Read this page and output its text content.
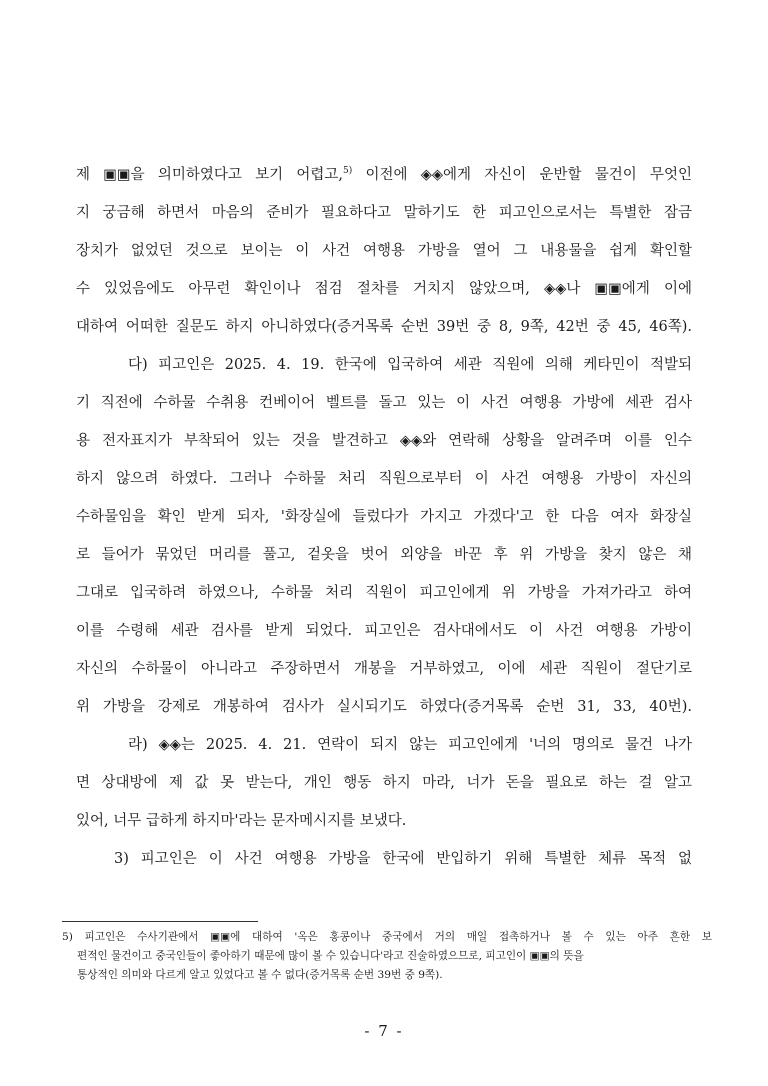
제 ▣▣을 의미하였다고 보기 어렵고,$^{5)}$ 이전에 ◈◈에게 자신이 운반할 물건이 무엇인
지 궁금해 하면서 마음의 준비가 필요하다고 말하기도 한 피고인으로서는 특별한 잠금
장치가 없었던 것으로 보이는 이 사건 여행용 가방을 열어 그 내용물을 쉽게 확인할
수 있었음에도 아무런 확인이나 점검 절차를 거치지 않았으며, ◈◈나 ▣▣에게 이에
대하여 어떠한 질문도 하지 아니하였다(증거목록 순번 39번 중 8, 9쪽, 42번 중 45, 46쪽).
다) 피고인은 2025. 4. 19. 한국에 입국하여 세관 직원에 의해 케타민이 적발되
기 직전에 수하물 수취용 컨베이어 벨트를 돌고 있는 이 사건 여행용 가방에 세관 검사
용 전자표지가 부착되어 있는 것을 발견하고 ◈◈와 연락해 상황을 알려주며 이를 인수
하지 않으려 하였다. 그러나 수하물 처리 직원으로부터 이 사건 여행용 가방이 자신의
수하물임을 확인 받게 되자, '화장실에 들렀다가 가지고 가겠다'고 한 다음 여자 화장실
로 들어가 묶었던 머리를 풀고, 겉옷을 벗어 외양을 바꾼 후 위 가방을 찾지 않은 채
그대로 입국하려 하였으나, 수하물 처리 직원이 피고인에게 위 가방을 가져가라고 하여
이를 수령해 세관 검사를 받게 되었다. 피고인은 검사대에서도 이 사건 여행용 가방이
자신의 수하물이 아니라고 주장하면서 개봉을 거부하였고, 이에 세관 직원이 절단기로
위 가방을 강제로 개봉하여 검사가 실시되기도 하였다(증거목록 순번 31, 33, 40번).
라) ◈◈는 2025. 4. 21. 연락이 되지 않는 피고인에게 '너의 명의로 물건 나가
면 상대방에 제 값 못 받는다, 개인 행동 하지 마라, 너가 돈을 필요로 하는 걸 알고
있어, 너무 급하게 하지마'라는 문자메시지를 보냈다.
3) 피고인은 이 사건 여행용 가방을 한국에 반입하기 위해 특별한 체류 목적 없
5) 피고인은 수사기관에서 ▣▣에 대하여 '옥은 홍콩이나 중국에서 거의 매일 접촉하거나 볼 수 있는 아주 흔한 보
편적인 물건이고 중국인들이 좋아하기 때문에 많이 볼 수 있습니다'라고 진술하였으므로, 피고인이 ▣▣의 뜻을
통상적인 의미와 다르게 알고 있었다고 볼 수 없다(증거목록 순번 39번 중 9쪽).
- 7 -
